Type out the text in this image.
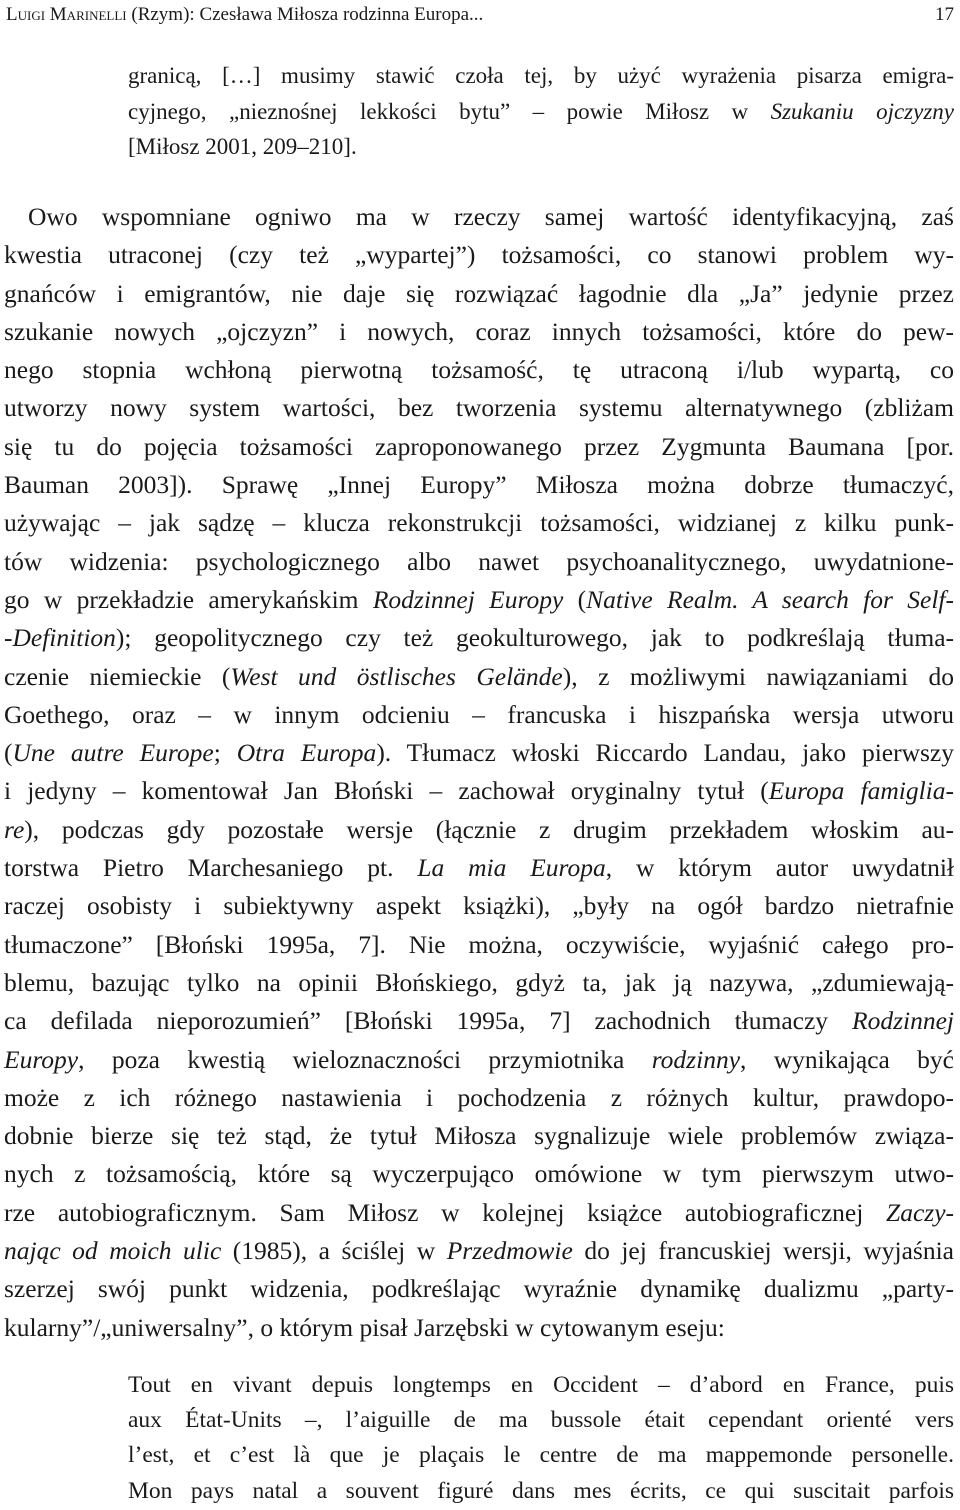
Luigi Marinelli (Rzym): Czesława Miłosza rodzinna Europa...	17
granicą, […] musimy stawić czoła tej, by użyć wyrażenia pisarza emigra-
cyjnego, „nieznośnej lekkości bytu” – powie Miłosz w Szukaniu ojczyzny
[Miłosz 2001, 209–210].
Owo wspomniane ogniwo ma w rzeczy samej wartość identyfikacyjną, zaś
kwestia utraconej (czy też „wypartej”) tożsamości, co stanowi problem wy-
gnańców i emigrantów, nie daje się rozwiązać łagodnie dla „Ja” jedynie przez
szukanie nowych „ojczyzn” i nowych, coraz innych tożsamości, które do pew-
nego stopnia wchłoną pierwotną tożsamość, tę utraconą i/lub wypartą, co
utworzy nowy system wartości, bez tworzenia systemu alternatywnego (zbliżam
się tu do pojęcia tożsamości zaproponowanego przez Zygmunta Baumana [por.
Bauman 2003]). Sprawę „Innej Europy” Miłosza można dobrze tłumaczyć,
używając – jak sądzę – klucza rekonstrukcji tożsamości, widzianej z kilku punk-
tów widzenia: psychologicznego albo nawet psychoanalitycznego, uwydatnione-
go w przekładzie amerykańskim Rodzinnej Europy (Native Realm. A search for Self-
-Definition); geopolitycznego czy też geokulturowego, jak to podkreślają tłuma-
czenie niemieckie (West und östlisches Gelände), z możliwymi nawiązaniami do
Goethego, oraz – w innym odcieniu – francuska i hiszpańska wersja utworu
(Une autre Europe; Otra Europa). Tłumacz włoski Riccardo Landau, jako pierwszy
i jedyny – komentował Jan Błoński – zachował oryginalny tytuł (Europa famiglia-
re), podczas gdy pozostałe wersje (łącznie z drugim przekładem włoskim au-
torstwa Pietro Marchesaniego pt. La mia Europa, w którym autor uwydatnił
raczej osobisty i subiektywny aspekt książki), „były na ogół bardzo nietrafnie
tłumaczone” [Błoński 1995a, 7]. Nie można, oczywiście, wyjaśnić całego pro-
blemu, bazując tylko na opinii Błońskiego, gdyż ta, jak ją nazywa, „zdumiewają-
ca defilada nieporozumień” [Błoński 1995a, 7] zachodnich tłumaczy Rodzinnej
Europy, poza kwestią wieloznaczności przymiotnika rodzinny, wynikająca być
może z ich różnego nastawienia i pochodzenia z różnych kultur, prawdopo-
dobnie bierze się też stąd, że tytuł Miłosza sygnalizuje wiele problemów związa-
nych z tożsamością, które są wyczerpująco omówione w tym pierwszym utwo-
rze autobiograficznym. Sam Miłosz w kolejnej książce autobiograficznej Zaczy-
nając od moich ulic (1985), a ściślej w Przedmowie do jej francuskiej wersji, wyjaśnia
szerzej swój punkt widzenia, podkreślając wyraźnie dynamikę dualizmu „party-
kularny”/„uniwersalny”, o którym pisał Jarzębski w cytowanym eseju:
Tout en vivant depuis longtemps en Occident – d’abord en France, puis
aux État-Units –, l’aiguille de ma bussole était cependant orienté vers
l’est, et c’est là que je plaçais le centre de ma mappemonde personelle.
Mon pays natal a souvent figuré dans mes écrits, ce qui suscitait parfois
